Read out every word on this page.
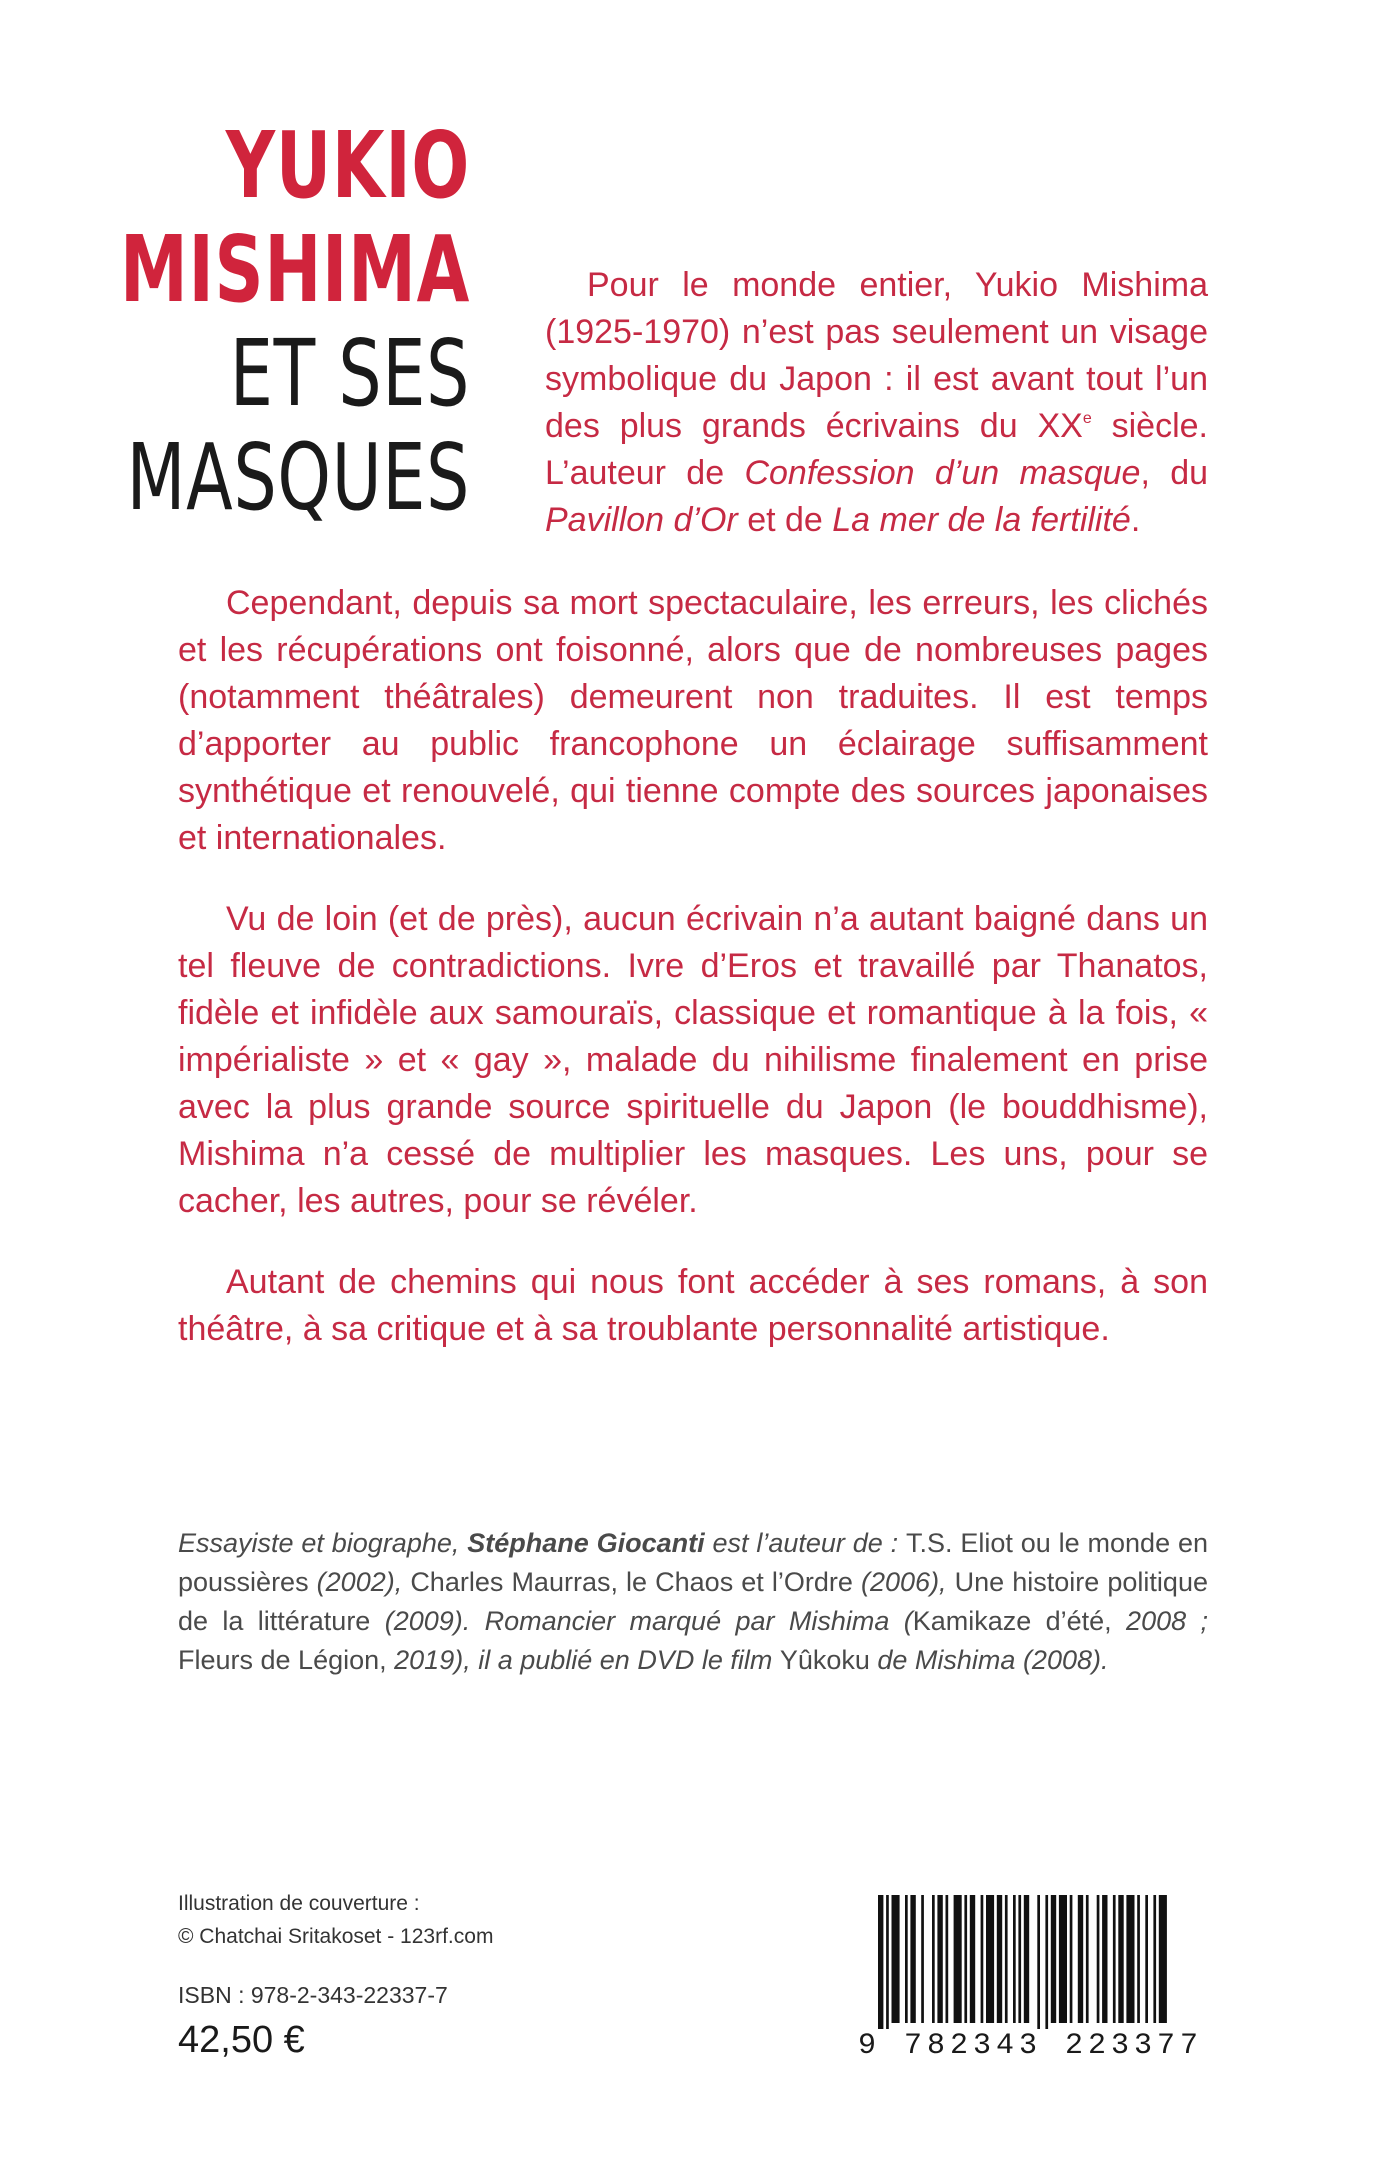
YUKIO
MISHIMA
ET SES
MASQUES
Pour le monde entier, Yukio Mishima (1925-1970) n’est pas seulement un visage symbolique du Japon : il est avant tout l’un des plus grands écrivains du XXe siècle. L’auteur de Confession d’un masque, du Pavillon d’Or et de La mer de la fertilité.
Cependant, depuis sa mort spectaculaire, les erreurs, les clichés et les récupérations ont foisonné, alors que de nombreuses pages (notamment théâtrales) demeurent non traduites. Il est temps d’apporter au public francophone un éclairage suffisamment synthétique et renouvelé, qui tienne compte des sources japonaises et internationales.
Vu de loin (et de près), aucun écrivain n’a autant baigné dans un tel fleuve de contradictions. Ivre d’Eros et travaillé par Thanatos, fidèle et infidèle aux samouraïs, classique et romantique à la fois, « impérialiste » et « gay », malade du nihilisme finalement en prise avec la plus grande source spirituelle du Japon (le bouddhisme), Mishima n’a cessé de multiplier les masques. Les uns, pour se cacher, les autres, pour se révéler.
Autant de chemins qui nous font accéder à ses romans, à son théâtre, à sa critique et à sa troublante personnalité artistique.
Essayiste et biographe, Stéphane Giocanti est l’auteur de : T.S. Eliot ou le monde en poussières (2002), Charles Maurras, le Chaos et l’Ordre (2006), Une histoire politique de la littérature (2009). Romancier marqué par Mishima (Kamikaze d’été, 2008 ; Fleurs de Légion, 2019), il a publié en DVD le film Yûkoku de Mishima (2008).
Illustration de couverture :
© Chatchai Sritakoset - 123rf.com
ISBN : 978-2-343-22337-7
42,50 €	9 782343 223377
